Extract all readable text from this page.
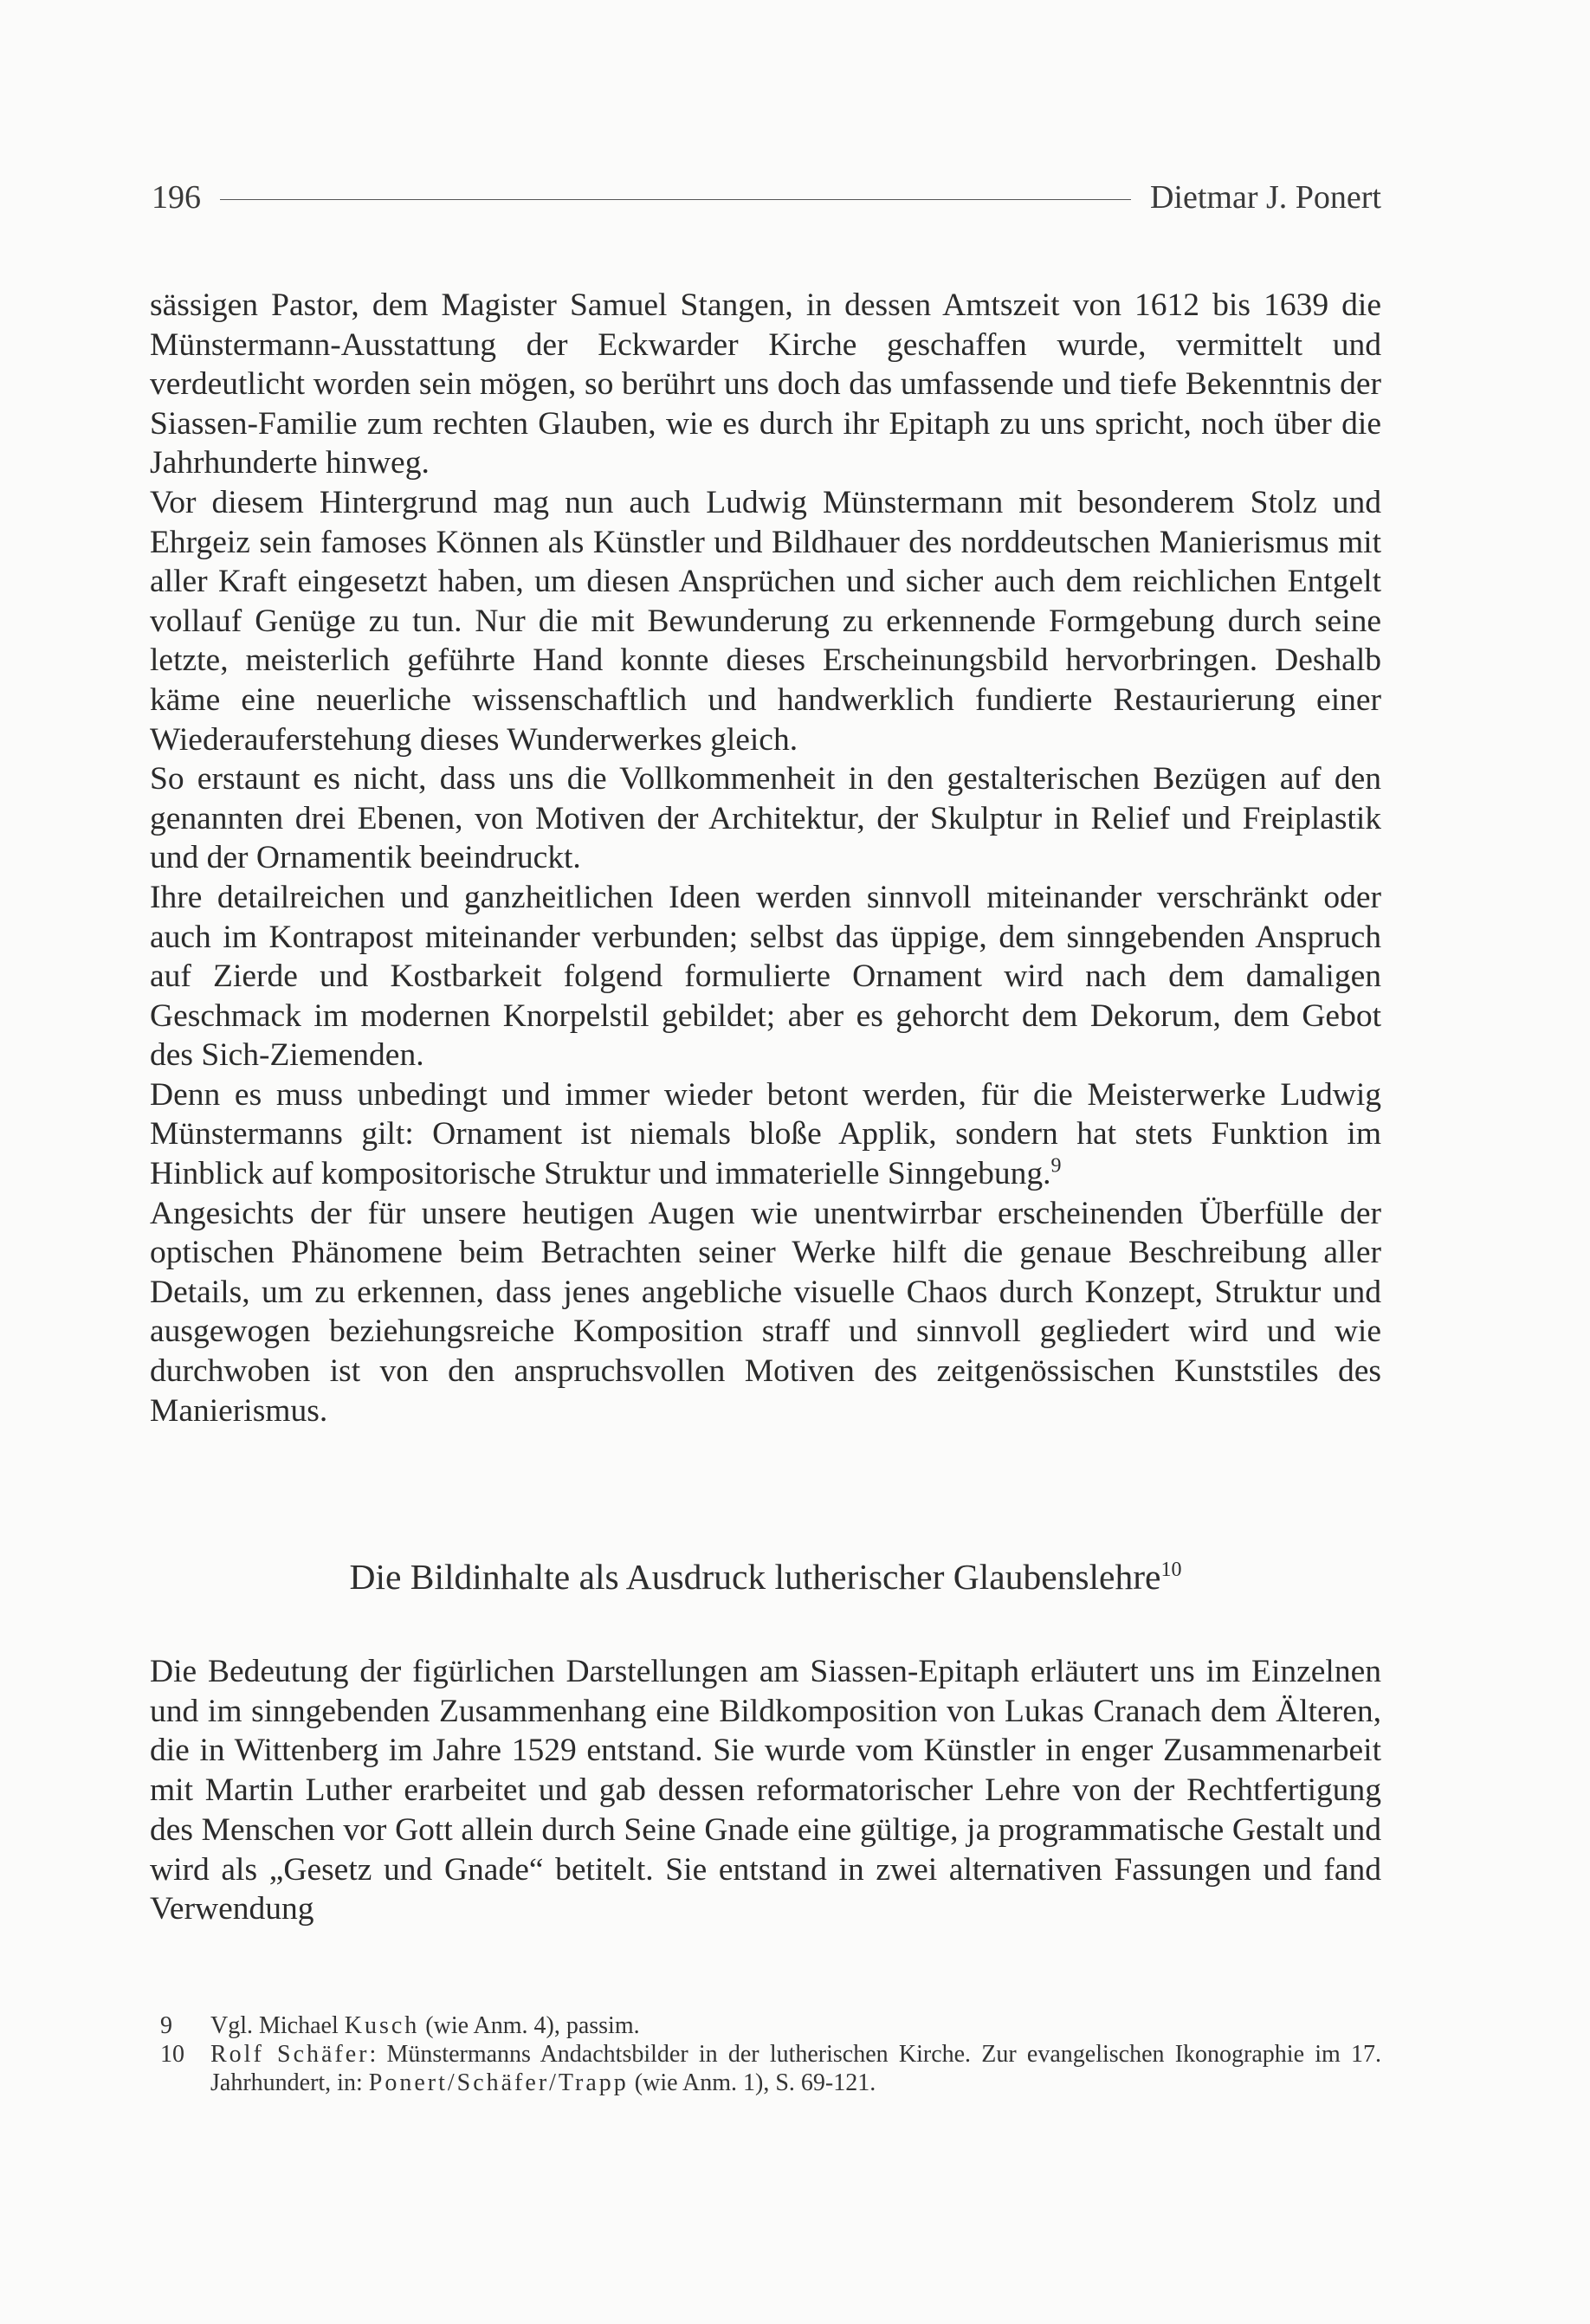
196	Dietmar J. Ponert

sässigen Pastor, dem Magister Samuel Stangen, in dessen Amtszeit von 1612 bis 1639 die Münstermann-Ausstattung der Eckwarder Kirche geschaffen wurde, vermittelt und verdeutlicht worden sein mögen, so berührt uns doch das umfassende und tiefe Bekenntnis der Siassen-Familie zum rechten Glauben, wie es durch ihr Epitaph zu uns spricht, noch über die Jahrhunderte hinweg.

Vor diesem Hintergrund mag nun auch Ludwig Münstermann mit besonderem Stolz und Ehrgeiz sein famoses Können als Künstler und Bildhauer des norddeutschen Manierismus mit aller Kraft eingesetzt haben, um diesen Ansprüchen und sicher auch dem reichlichen Entgelt vollauf Genüge zu tun. Nur die mit Bewunderung zu erkennende Formgebung durch seine letzte, meisterlich geführte Hand konnte dieses Erscheinungsbild hervorbringen. Deshalb käme eine neuerliche wissenschaftlich und handwerklich fundierte Restaurierung einer Wiederauferstehung dieses Wunderwerkes gleich.

So erstaunt es nicht, dass uns die Vollkommenheit in den gestalterischen Bezügen auf den genannten drei Ebenen, von Motiven der Architektur, der Skulptur in Relief und Freiplastik und der Ornamentik beeindruckt.

Ihre detailreichen und ganzheitlichen Ideen werden sinnvoll miteinander verschränkt oder auch im Kontrapost miteinander verbunden; selbst das üppige, dem sinngebenden Anspruch auf Zierde und Kostbarkeit folgend formulierte Ornament wird nach dem damaligen Geschmack im modernen Knorpelstil gebildet; aber es gehorcht dem Dekorum, dem Gebot des Sich-Ziemenden.

Denn es muss unbedingt und immer wieder betont werden, für die Meisterwerke Ludwig Münstermanns gilt: Ornament ist niemals bloße Applik, sondern hat stets Funktion im Hinblick auf kompositorische Struktur und immaterielle Sinngebung.$^9$

Angesichts der für unsere heutigen Augen wie unentwirrbar erscheinenden Überfülle der optischen Phänomene beim Betrachten seiner Werke hilft die genaue Beschreibung aller Details, um zu erkennen, dass jenes angebliche visuelle Chaos durch Konzept, Struktur und ausgewogen beziehungsreiche Komposition straff und sinnvoll gegliedert wird und wie durchwoben ist von den anspruchsvollen Motiven des zeitgenössischen Kunststiles des Manierismus.

Die Bildinhalte als Ausdruck lutherischer Glaubenslehre$^{10}$

Die Bedeutung der figürlichen Darstellungen am Siassen-Epitaph erläutert uns im Einzelnen und im sinngebenden Zusammenhang eine Bildkomposition von Lukas Cranach dem Älteren, die in Wittenberg im Jahre 1529 entstand. Sie wurde vom Künstler in enger Zusammenarbeit mit Martin Luther erarbeitet und gab dessen reformatorischer Lehre von der Rechtfertigung des Menschen vor Gott allein durch Seine Gnade eine gültige, ja programmatische Gestalt und wird als „Gesetz und Gnade“ betitelt. Sie entstand in zwei alternativen Fassungen und fand Verwendung

9	Vgl. Michael Kusch (wie Anm. 4), passim.
10	Rolf Schäfer: Münstermanns Andachtsbilder in der lutherischen Kirche. Zur evangelischen Ikonographie im 17. Jahrhundert, in: Ponert/Schäfer/Trapp (wie Anm. 1), S. 69-121.
